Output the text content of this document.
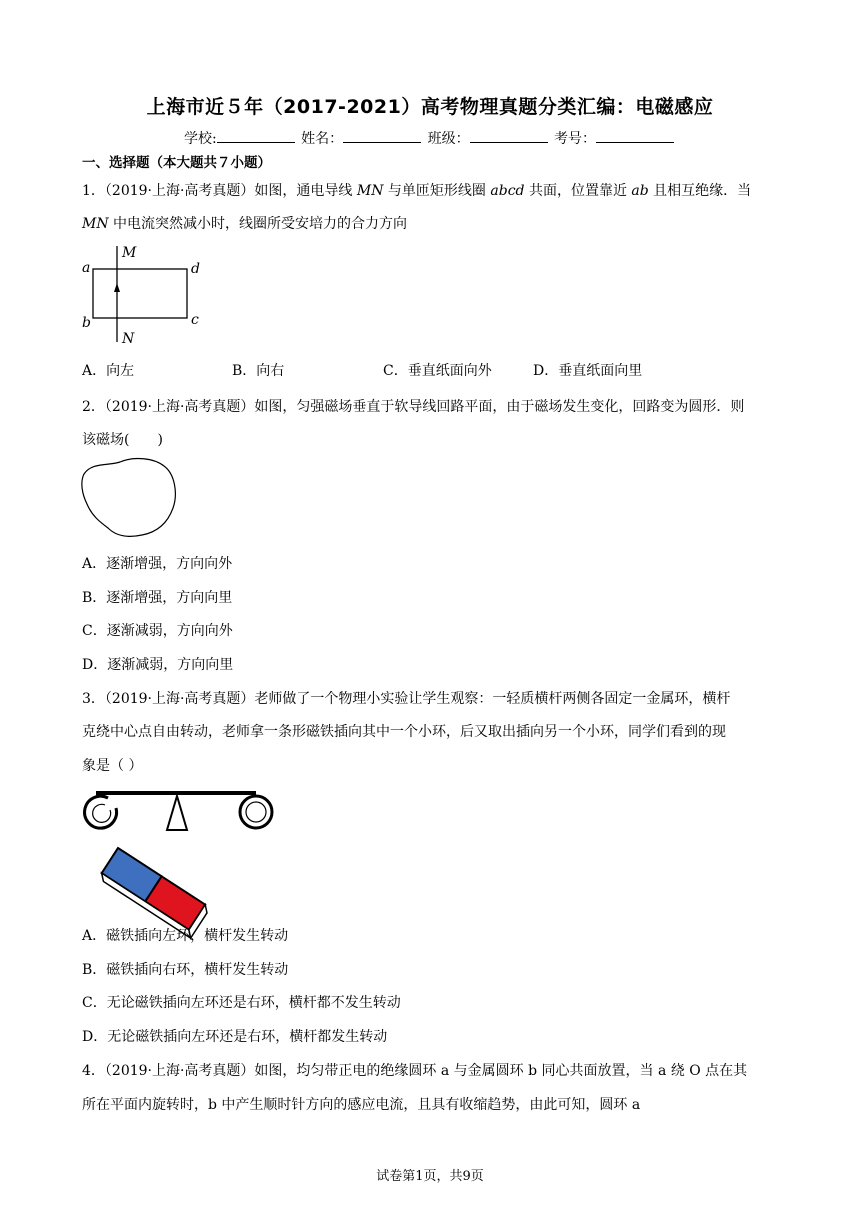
上海市近５年（2017-2021）高考物理真题分类汇编：电磁感应
学校:	姓名：	班级：	考号：
一、选择题（本大题共７小题）
1．（2019·上海·高考真题）如图，通电导线 MN 与单匝矩形线圈 abcd 共面，位置靠近 ab 且相互绝缘．当
MN 中电流突然减小时，线圈所受安培力的合力方向
a
b	c
d
M
N
A．向左	B．向右	C．垂直纸面向外	D．垂直纸面向里
2．（2019·上海·高考真题）如图，匀强磁场垂直于软导线回路平面，由于磁场发生变化，回路变为圆形．则
该磁场(　　)
A．逐渐增强，方向向外
B．逐渐增强，方向向里
C．逐渐减弱，方向向外
D．逐渐减弱，方向向里
3．（2019·上海·高考真题）老师做了一个物理小实验让学生观察：一轻质横杆两侧各固定一金属环，横杆
克绕中心点自由转动，老师拿一条形磁铁插向其中一个小环，后又取出插向另一个小环，同学们看到的现
象是（ ）
A．磁铁插向左环，横杆发生转动
B．磁铁插向右环，横杆发生转动
C．无论磁铁插向左环还是右环，横杆都不发生转动
D．无论磁铁插向左环还是右环，横杆都发生转动
4．（2019·上海·高考真题）如图，均匀带正电的绝缘圆环 a 与金属圆环 b 同心共面放置，当 a 绕 O 点在其
所在平面内旋转时，b 中产生顺时针方向的感应电流，且具有收缩趋势，由此可知，圆环 a
试卷第1页，共9页
